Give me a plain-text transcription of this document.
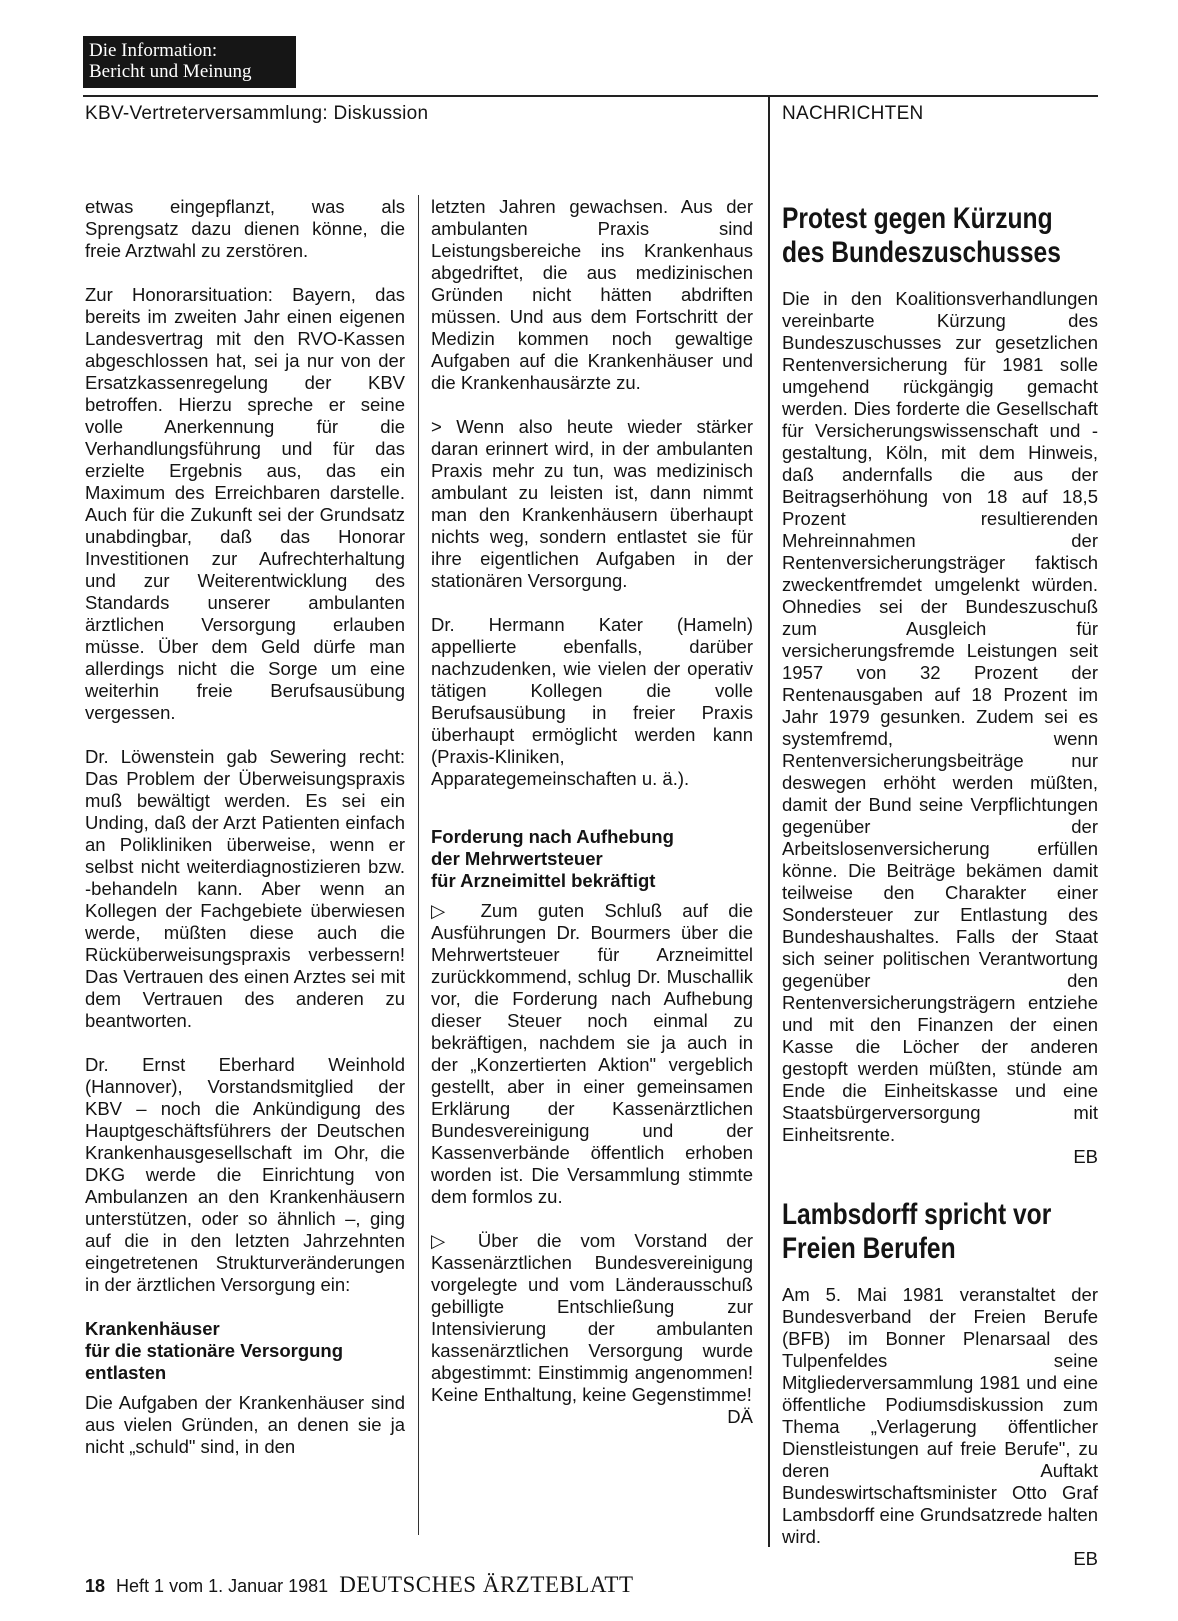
Die Information:
Bericht und Meinung
KBV-Vertreterversammlung: Diskussion	NACHRICHTEN

etwas eingepflanzt, was als Sprengsatz dazu dienen könne, die freie Arztwahl zu zerstören.

Zur Honorarsituation: Bayern, das bereits im zweiten Jahr einen eigenen Landesvertrag mit den RVO-Kassen abgeschlossen hat, sei ja nur von der Ersatzkassenregelung der KBV betroffen. Hierzu spreche er seine volle Anerkennung für die Verhandlungsführung und für das erzielte Ergebnis aus, das ein Maximum des Erreichbaren darstelle. Auch für die Zukunft sei der Grundsatz unabdingbar, daß das Honorar Investitionen zur Aufrechterhaltung und zur Weiterentwicklung des Standards unserer ambulanten ärztlichen Versorgung erlauben müsse. Über dem Geld dürfe man allerdings nicht die Sorge um eine weiterhin freie Berufsausübung vergessen.

Dr. Löwenstein gab Sewering recht: Das Problem der Überweisungspraxis muß bewältigt werden. Es sei ein Unding, daß der Arzt Patienten einfach an Polikliniken überweise, wenn er selbst nicht weiterdiagnostizieren bzw. -behandeln kann. Aber wenn an Kollegen der Fachgebiete überwiesen werde, müßten diese auch die Rücküberweisungspraxis verbessern! Das Vertrauen des einen Arztes sei mit dem Vertrauen des anderen zu beantworten.

Dr. Ernst Eberhard Weinhold (Hannover), Vorstandsmitglied der KBV – noch die Ankündigung des Hauptgeschäftsführers der Deutschen Krankenhausgesellschaft im Ohr, die DKG werde die Einrichtung von Ambulanzen an den Krankenhäusern unterstützen, oder so ähnlich –, ging auf die in den letzten Jahrzehnten eingetretenen Strukturveränderungen in der ärztlichen Versorgung ein:

Krankenhäuser
für die stationäre Versorgung
entlasten

Die Aufgaben der Krankenhäuser sind aus vielen Gründen, an denen sie ja nicht „schuld" sind, in den

letzten Jahren gewachsen. Aus der ambulanten Praxis sind Leistungsbereiche ins Krankenhaus abgedriftet, die aus medizinischen Gründen nicht hätten abdriften müssen. Und aus dem Fortschritt der Medizin kommen noch gewaltige Aufgaben auf die Krankenhäuser und die Krankenhausärzte zu.

> Wenn also heute wieder stärker daran erinnert wird, in der ambulanten Praxis mehr zu tun, was medizinisch ambulant zu leisten ist, dann nimmt man den Krankenhäusern überhaupt nichts weg, sondern entlastet sie für ihre eigentlichen Aufgaben in der stationären Versorgung.

Dr. Hermann Kater (Hameln) appellierte ebenfalls, darüber nachzudenken, wie vielen der operativ tätigen Kollegen die volle Berufsausübung in freier Praxis überhaupt ermöglicht werden kann (Praxis-Kliniken, Apparategemeinschaften u. ä.).

Forderung nach Aufhebung
der Mehrwertsteuer
für Arzneimittel bekräftigt

▷ Zum guten Schluß auf die Ausführungen Dr. Bourmers über die Mehrwertsteuer für Arzneimittel zurückkommend, schlug Dr. Muschallik vor, die Forderung nach Aufhebung dieser Steuer noch einmal zu bekräftigen, nachdem sie ja auch in der „Konzertierten Aktion" vergeblich gestellt, aber in einer gemeinsamen Erklärung der Kassenärztlichen Bundesvereinigung und der Kassenverbände öffentlich erhoben worden ist. Die Versammlung stimmte dem formlos zu.

▷ Über die vom Vorstand der Kassenärztlichen Bundesvereinigung vorgelegte und vom Länderausschuß gebilligte Entschließung zur Intensivierung der ambulanten kassenärztlichen Versorgung wurde abgestimmt: Einstimmig angenommen! Keine Enthaltung, keine Gegenstimme!
DÄ

Protest gegen Kürzung
des Bundeszuschusses

Die in den Koalitionsverhandlungen vereinbarte Kürzung des Bundeszuschusses zur gesetzlichen Rentenversicherung für 1981 solle umgehend rückgängig gemacht werden. Dies forderte die Gesellschaft für Versicherungswissenschaft und -gestaltung, Köln, mit dem Hinweis, daß andernfalls die aus der Beitragserhöhung von 18 auf 18,5 Prozent resultierenden Mehreinnahmen der Rentenversicherungsträger faktisch zweckentfremdet umgelenkt würden. Ohnedies sei der Bundeszuschuß zum Ausgleich für versicherungsfremde Leistungen seit 1957 von 32 Prozent der Rentenausgaben auf 18 Prozent im Jahr 1979 gesunken. Zudem sei es systemfremd, wenn Rentenversicherungsbeiträge nur deswegen erhöht werden müßten, damit der Bund seine Verpflichtungen gegenüber der Arbeitslosenversicherung erfüllen könne. Die Beiträge bekämen damit teilweise den Charakter einer Sondersteuer zur Entlastung des Bundeshaushaltes. Falls der Staat sich seiner politischen Verantwortung gegenüber den Rentenversicherungsträgern entziehe und mit den Finanzen der einen Kasse die Löcher der anderen gestopft werden müßten, stünde am Ende die Einheitskasse und eine Staatsbürgerversorgung mit Einheitsrente.
EB

Lambsdorff spricht vor
Freien Berufen

Am 5. Mai 1981 veranstaltet der Bundesverband der Freien Berufe (BFB) im Bonner Plenarsaal des Tulpenfeldes seine Mitgliederversammlung 1981 und eine öffentliche Podiumsdiskussion zum Thema „Verlagerung öffentlicher Dienstleistungen auf freie Berufe", zu deren Auftakt Bundeswirtschaftsminister Otto Graf Lambsdorff eine Grundsatzrede halten wird.
EB

18 Heft 1 vom 1. Januar 1981 DEUTSCHES ÄRZTEBLATT
